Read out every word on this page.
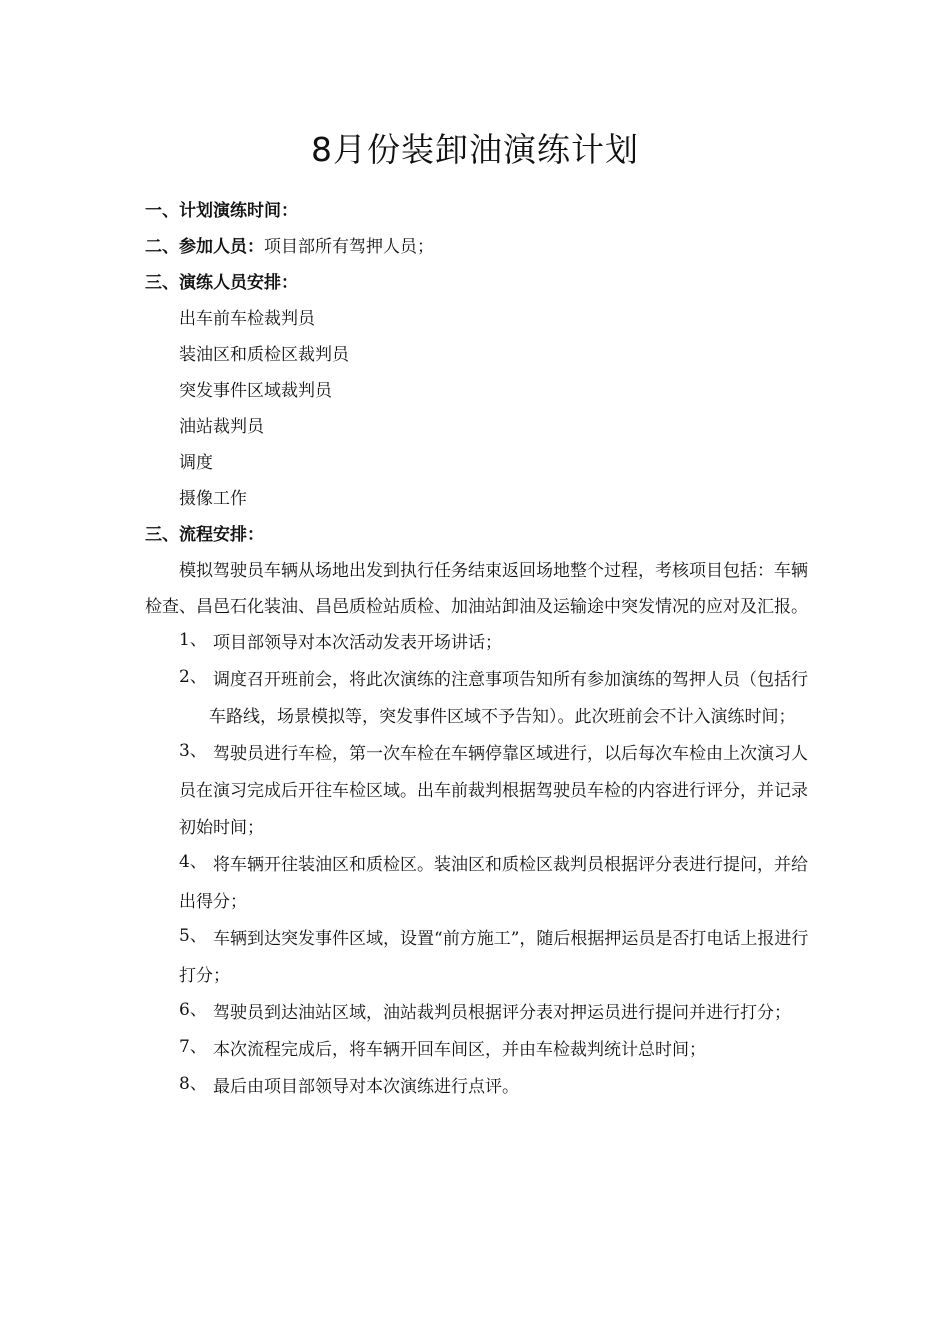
8月份装卸油演练计划
一、计划演练时间：
二、参加人员：项目部所有驾押人员；
三、演练人员安排：
出车前车检裁判员
装油区和质检区裁判员
突发事件区域裁判员
油站裁判员
调度
摄像工作
三、流程安排：

模拟驾驶员车辆从场地出发到执行任务结束返回场地整个过程，考核项目包括：车辆检查、昌邑石化装油、昌邑质检站质检、加油站卸油及运输途中突发情况的应对及汇报。

1、 项目部领导对本次活动发表开场讲话；
2、 调度召开班前会，将此次演练的注意事项告知所有参加演练的驾押人员（包括行车路线，场景模拟等，突发事件区域不予告知）。此次班前会不计入演练时间；
3、 驾驶员进行车检，第一次车检在车辆停靠区域进行，以后每次车检由上次演习人员在演习完成后开往车检区域。出车前裁判根据驾驶员车检的内容进行评分，并记录初始时间；
4、 将车辆开往装油区和质检区。装油区和质检区裁判员根据评分表进行提问，并给出得分；
5、 车辆到达突发事件区域，设置“前方施工”，随后根据押运员是否打电话上报进行打分；
6、 驾驶员到达油站区域，油站裁判员根据评分表对押运员进行提问并进行打分；
7、 本次流程完成后，将车辆开回车间区，并由车检裁判统计总时间；
8、 最后由项目部领导对本次演练进行点评。
